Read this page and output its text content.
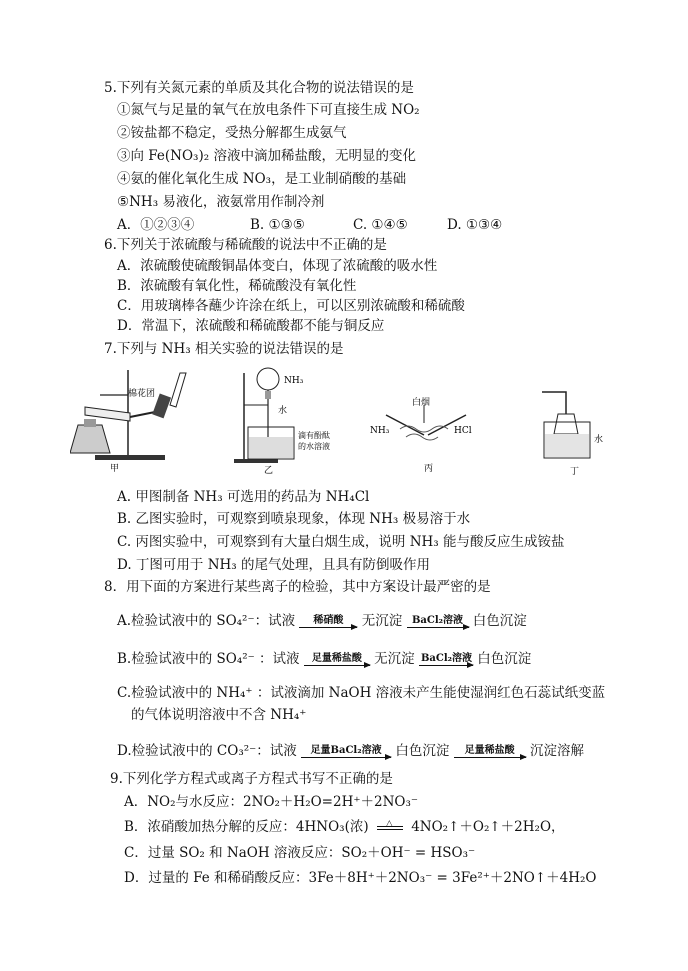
5.下列有关氮元素的单质及其化合物的说法错误的是
①氮气与足量的氧气在放电条件下可直接生成 NO₂
②铵盐都不稳定，受热分解都生成氨气
③向 Fe(NO₃)₂ 溶液中滴加稀盐酸，无明显的变化
④氨的催化氧化生成 NO₃，是工业制硝酸的基础
⑤NH₃ 易液化，液氨常用作制冷剂
A．①②③④	B. ①③⑤	C. ①④⑤	D. ①③④
6.下列关于浓硫酸与稀硫酸的说法中不正确的是
A．浓硫酸使硫酸铜晶体变白，体现了浓硫酸的吸水性
B．浓硫酸有氧化性，稀硫酸没有氧化性
C．用玻璃棒各蘸少许涂在纸上，可以区别浓硫酸和稀硫酸
D．常温下，浓硫酸和稀硫酸都不能与铜反应
7.下列与 NH₃ 相关实验的说法错误的是
棉花团
甲
NH₃
水
滴有酚酞
的水溶液
乙
白烟
NH₃	HCl
丙
水
丁
A. 甲图制备 NH₃ 可选用的药品为 NH₄Cl
B. 乙图实验时，可观察到喷泉现象，体现 NH₃ 极易溶于水
C. 丙图实验中，可观察到有大量白烟生成，说明 NH₃ 能与酸反应生成铵盐
D. 丁图可用于 NH₃ 的尾气处理，且具有防倒吸作用
8．用下面的方案进行某些离子的检验，其中方案设计最严密的是
A.检验试液中的 SO₄²⁻：试液	稀硝酸	无沉淀 BaCl₂溶液 白色沉淀
B.检验试液中的 SO₄²⁻ ：试液	足量稀盐酸 无沉淀 BaCl₂溶液 白色沉淀
C.检验试液中的 NH₄⁺ ：试液滴加 NaOH 溶液未产生能使湿润红色石蕊试纸变蓝
的气体说明溶液中不含 NH₄⁺
D.检验试液中的 CO₃²⁻：试液	足量BaCl₂溶液	白色沉淀	足量稀盐酸	沉淀溶解
9.下列化学方程式或离子方程式书写不正确的是
A．NO₂与水反应：2NO₂＋H₂O=2H⁺＋2NO₃⁻
B．浓硝酸加热分解的反应：4HNO₃(浓) △ 4NO₂↑＋O₂↑＋2H₂O，
C．过量 SO₂ 和 NaOH 溶液反应：SO₂＋OH⁻ = HSO₃⁻
D．过量的 Fe 和稀硝酸反应：3Fe＋8H⁺＋2NO₃⁻ = 3Fe²⁺＋2NO↑＋4H₂O
